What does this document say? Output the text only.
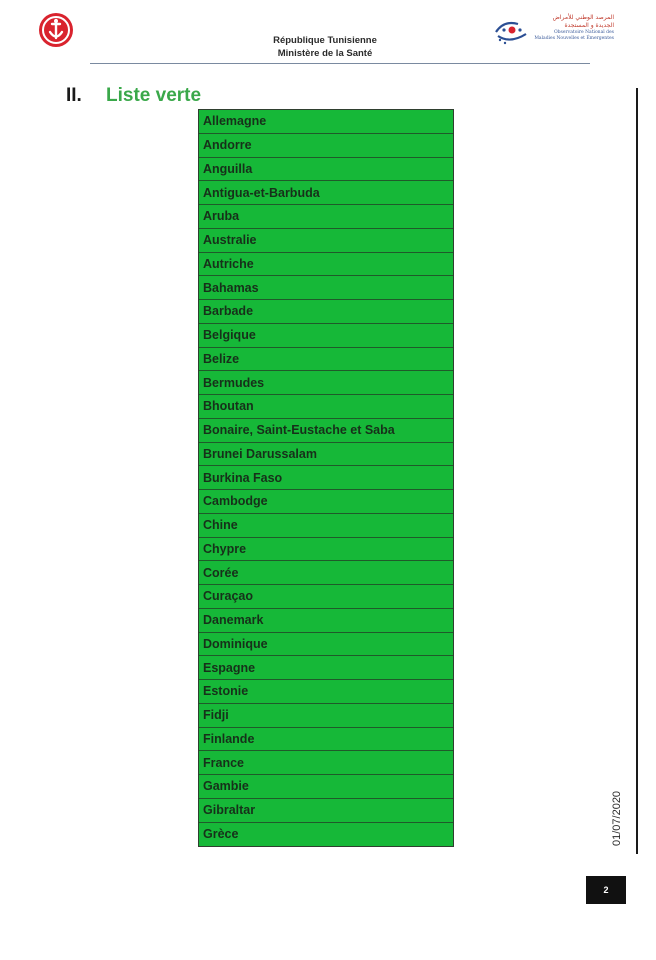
République Tunisienne
Ministère de la Santé
المرصد الوطني للأمراض
الجديدة و المستجدة
Observatoire National des
Maladies Nouvelles et Émergentes
II. Liste verte
Allemagne
Andorre
Anguilla
Antigua-et-Barbuda
Aruba
Australie
Autriche
Bahamas
Barbade
Belgique
Belize
Bermudes
Bhoutan
Bonaire, Saint-Eustache et Saba
Brunei Darussalam
Burkina Faso
Cambodge
Chine
Chypre
Corée
Curaçao
Danemark
Dominique
Espagne
Estonie
Fidji
Finlande
France
Gambie
Gibraltar
Grèce	01/07/2020
2
